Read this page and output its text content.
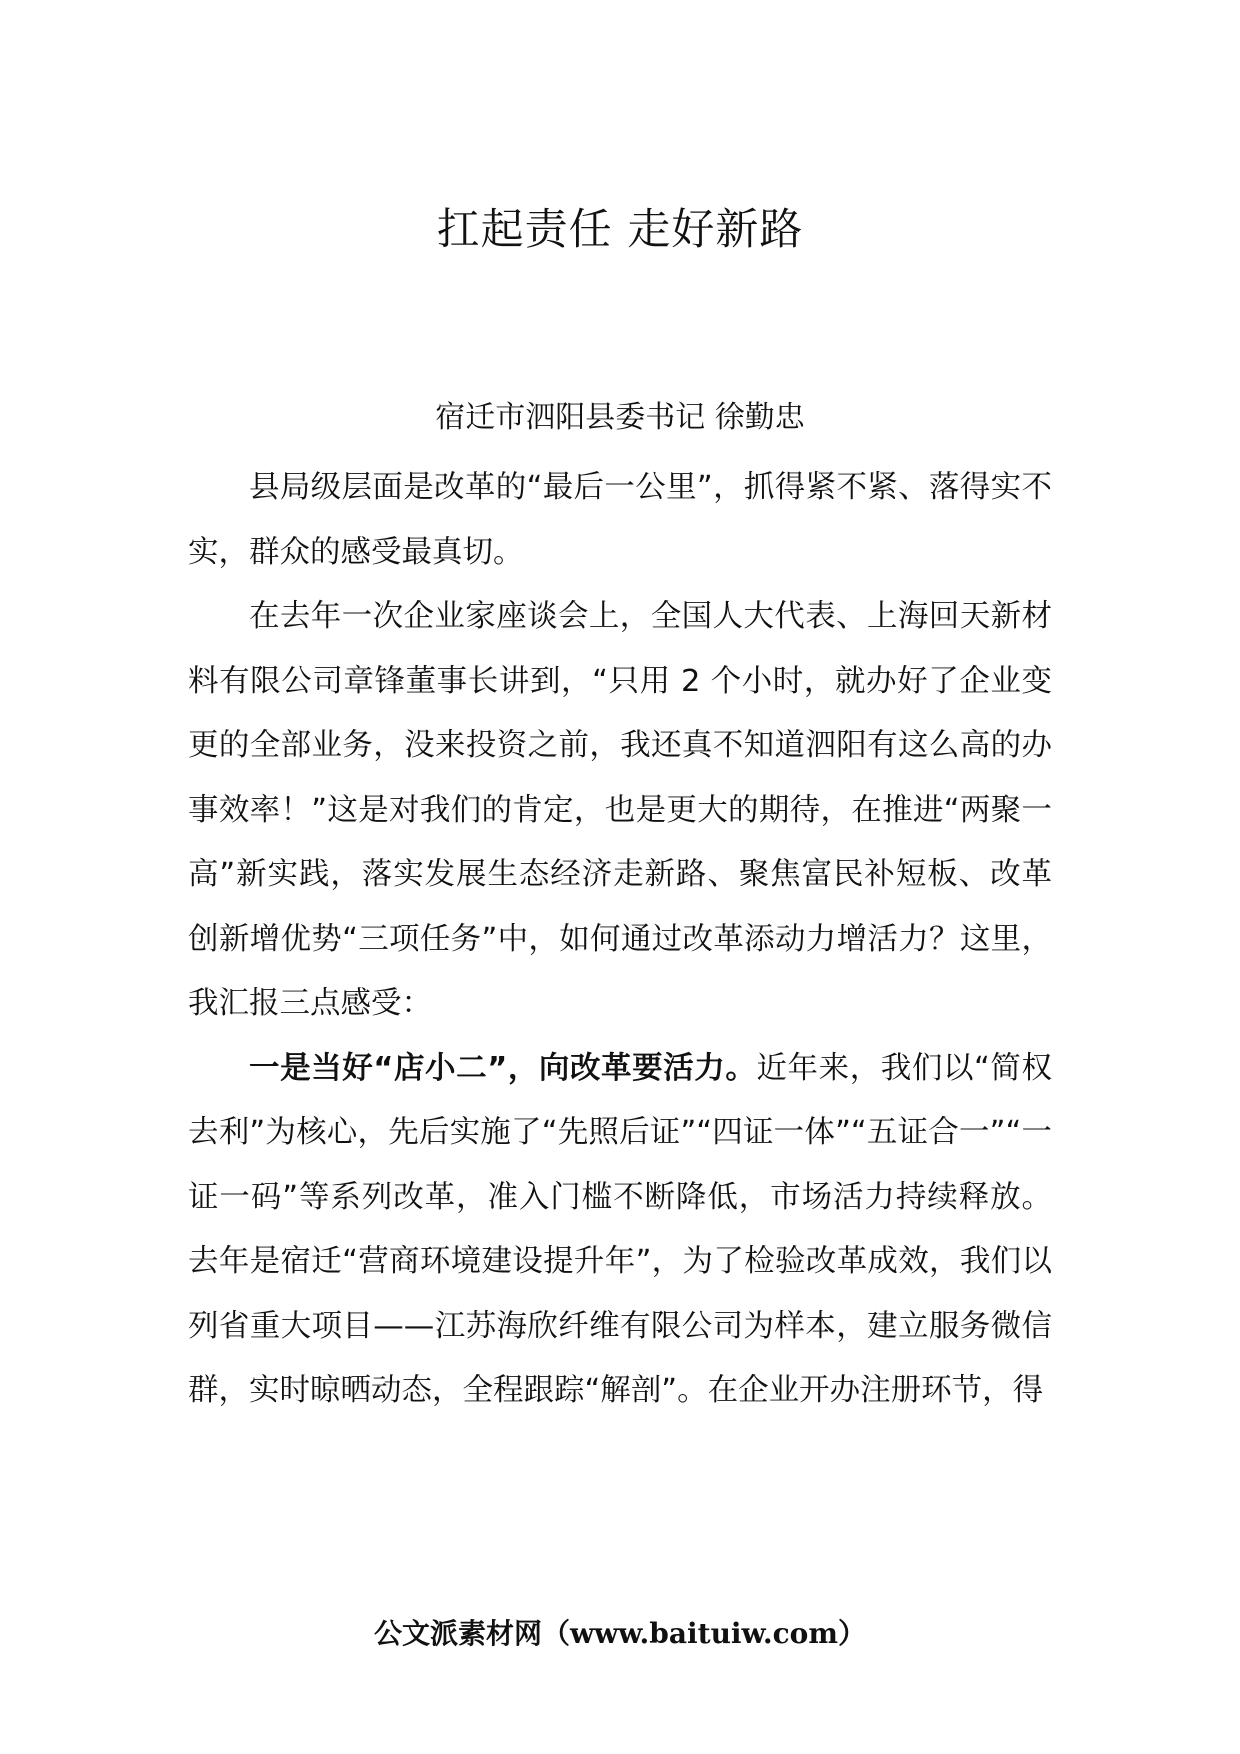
扛起责任 走好新路

宿迁市泗阳县委书记 徐勤忠

县局级层面是改革的“最后一公里”，抓得紧不紧、落得实不实，群众的感受最真切。

在去年一次企业家座谈会上，全国人大代表、上海回天新材料有限公司章锋董事长讲到，“只用 2 个小时，就办好了企业变更的全部业务，没来投资之前，我还真不知道泗阳有这么高的办事效率！”这是对我们的肯定，也是更大的期待，在推进“两聚一高”新实践，落实发展生态经济走新路、聚焦富民补短板、改革创新增优势“三项任务”中，如何通过改革添动力增活力？这里，我汇报三点感受：

一是当好“店小二”，向改革要活力。近年来，我们以“简权去利”为核心，先后实施了“先照后证”“四证一体”“五证合一”“一证一码”等系列改革，准入门槛不断降低，市场活力持续释放。去年是宿迁“营商环境建设提升年”，为了检验改革成效，我们以列省重大项目——江苏海欣纤维有限公司为样本，建立服务微信群，实时晾晒动态，全程跟踪“解剖”。在企业开办注册环节，得

公文派素材网（www.baituiw.com）
